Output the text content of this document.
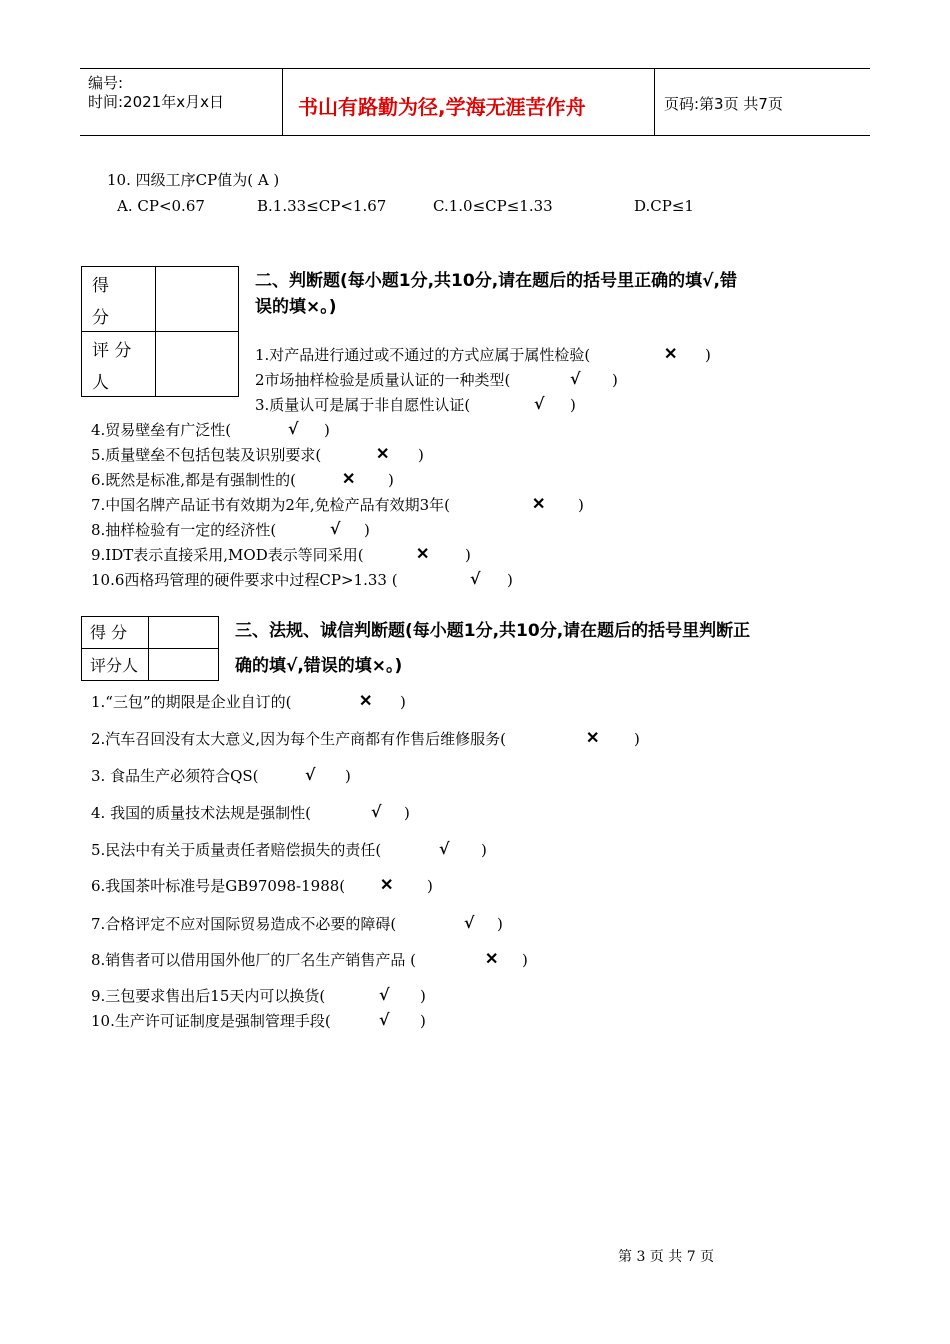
编号:
时间:2021年x月x日	书山有路勤为径,学海无涯苦作舟	页码:第3页 共7页
10. 四级工序CP值为( A )
A. CP<0.67	B.1.33≤CP<1.67	C.1.0≤CP≤1.33	D.CP≤1
得
分
评 分
人
二、判断题(每小题1分,共10分,请在题后的括号里正确的填√,错
误的填×。)
1.对产品进行通过或不通过的方式应属于属性检验(	✕ )
2市场抽样检验是质量认证的一种类型(	√ )
3.质量认可是属于非自愿性认证(	√ )
4.贸易壁垒有广泛性(	√ )
5.质量壁垒不包括包装及识别要求(	✕ )
6.既然是标准,都是有强制性的(	✕ )
7.中国名牌产品证书有效期为2年,免检产品有效期3年(	✕ )
8.抽样检验有一定的经济性(	√ )
9.IDT表示直接采用,MOD表示等同采用(	✕ )
10.6西格玛管理的硬件要求中过程CP>1.33 (	√ )
得 分
评分人
三、法规、诚信判断题(每小题1分,共10分,请在题后的括号里判断正
确的填√,错误的填×。)
1.“三包”的期限是企业自订的(	✕ )
2.汽车召回没有太大意义,因为每个生产商都有作售后维修服务(	✕ )
3. 食品生产必须符合QS(	√ )
4. 我国的质量技术法规是强制性(	√ )
5.民法中有关于质量责任者赔偿损失的责任(	√ )
6.我国茶叶标准号是GB97098-1988( ✕ )
7.合格评定不应对国际贸易造成不必要的障碍(	√ )
8.销售者可以借用国外他厂的厂名生产销售产品 (	✕ )
9.三包要求售出后15天内可以换货(	√ )
10.生产许可证制度是强制管理手段(	√ )
第 3 页 共 7 页
